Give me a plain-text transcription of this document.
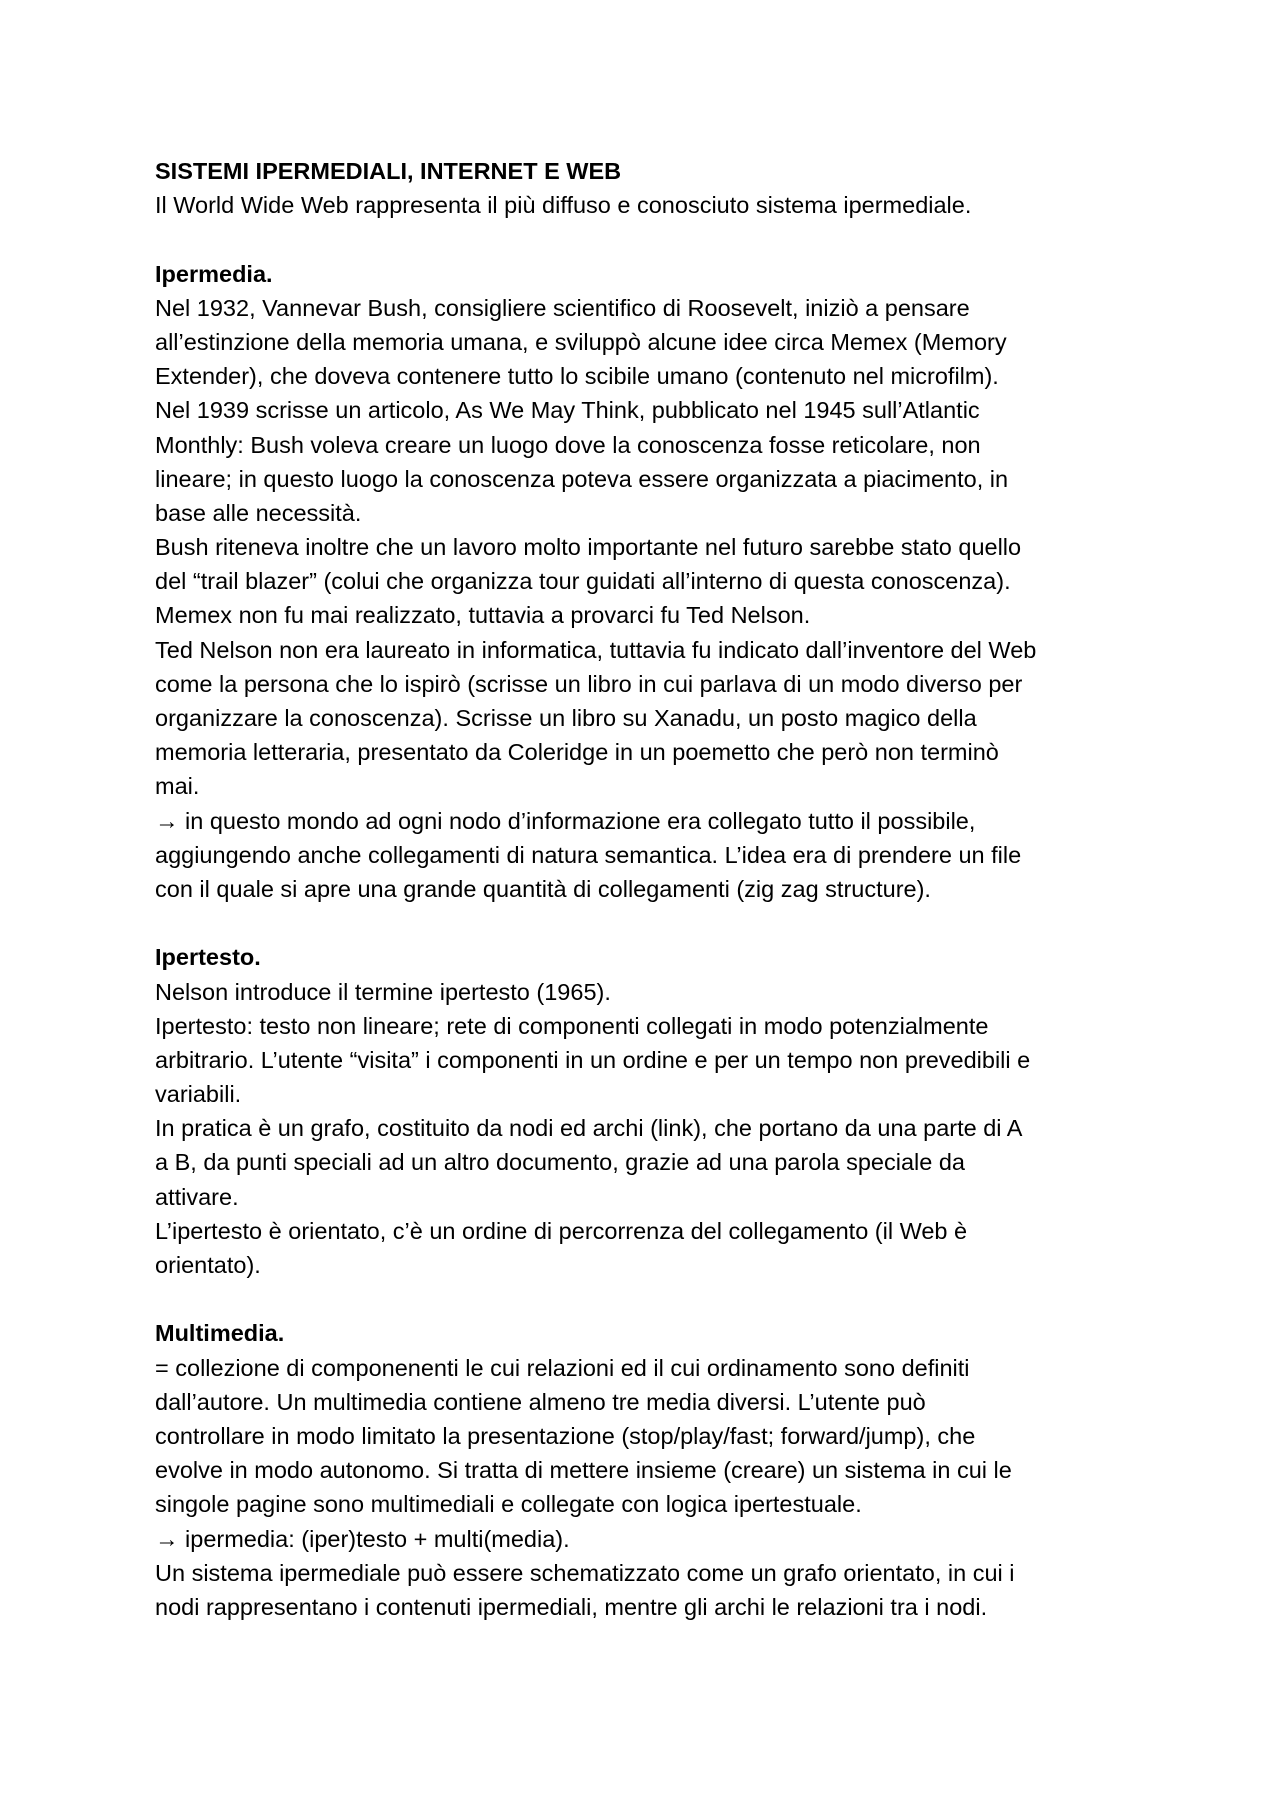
SISTEMI IPERMEDIALI, INTERNET E WEB
Il World Wide Web rappresenta il più diffuso e conosciuto sistema ipermediale.
Ipermedia.
Nel 1932, Vannevar Bush, consigliere scientifico di Roosevelt, iniziò a pensare
all’estinzione della memoria umana, e sviluppò alcune idee circa Memex (Memory
Extender), che doveva contenere tutto lo scibile umano (contenuto nel microfilm).
Nel 1939 scrisse un articolo, As We May Think, pubblicato nel 1945 sull’Atlantic
Monthly: Bush voleva creare un luogo dove la conoscenza fosse reticolare, non
lineare; in questo luogo la conoscenza poteva essere organizzata a piacimento, in
base alle necessità.
Bush riteneva inoltre che un lavoro molto importante nel futuro sarebbe stato quello
del “trail blazer” (colui che organizza tour guidati all’interno di questa conoscenza).
Memex non fu mai realizzato, tuttavia a provarci fu Ted Nelson.
Ted Nelson non era laureato in informatica, tuttavia fu indicato dall’inventore del Web
come la persona che lo ispirò (scrisse un libro in cui parlava di un modo diverso per
organizzare la conoscenza). Scrisse un libro su Xanadu, un posto magico della
memoria letteraria, presentato da Coleridge in un poemetto che però non terminò
mai.
→ in questo mondo ad ogni nodo d’informazione era collegato tutto il possibile,
aggiungendo anche collegamenti di natura semantica. L’idea era di prendere un file
con il quale si apre una grande quantità di collegamenti (zig zag structure).
Ipertesto.
Nelson introduce il termine ipertesto (1965).
Ipertesto: testo non lineare; rete di componenti collegati in modo potenzialmente
arbitrario. L’utente “visita” i componenti in un ordine e per un tempo non prevedibili e
variabili.
In pratica è un grafo, costituito da nodi ed archi (link), che portano da una parte di A
a B, da punti speciali ad un altro documento, grazie ad una parola speciale da
attivare.
L’ipertesto è orientato, c’è un ordine di percorrenza del collegamento (il Web è
orientato).
Multimedia.
= collezione di componenenti le cui relazioni ed il cui ordinamento sono definiti
dall’autore. Un multimedia contiene almeno tre media diversi. L’utente può
controllare in modo limitato la presentazione (stop/play/fast; forward/jump), che
evolve in modo autonomo. Si tratta di mettere insieme (creare) un sistema in cui le
singole pagine sono multimediali e collegate con logica ipertestuale.
→ ipermedia: (iper)testo + multi(media).
Un sistema ipermediale può essere schematizzato come un grafo orientato, in cui i
nodi rappresentano i contenuti ipermediali, mentre gli archi le relazioni tra i nodi.
